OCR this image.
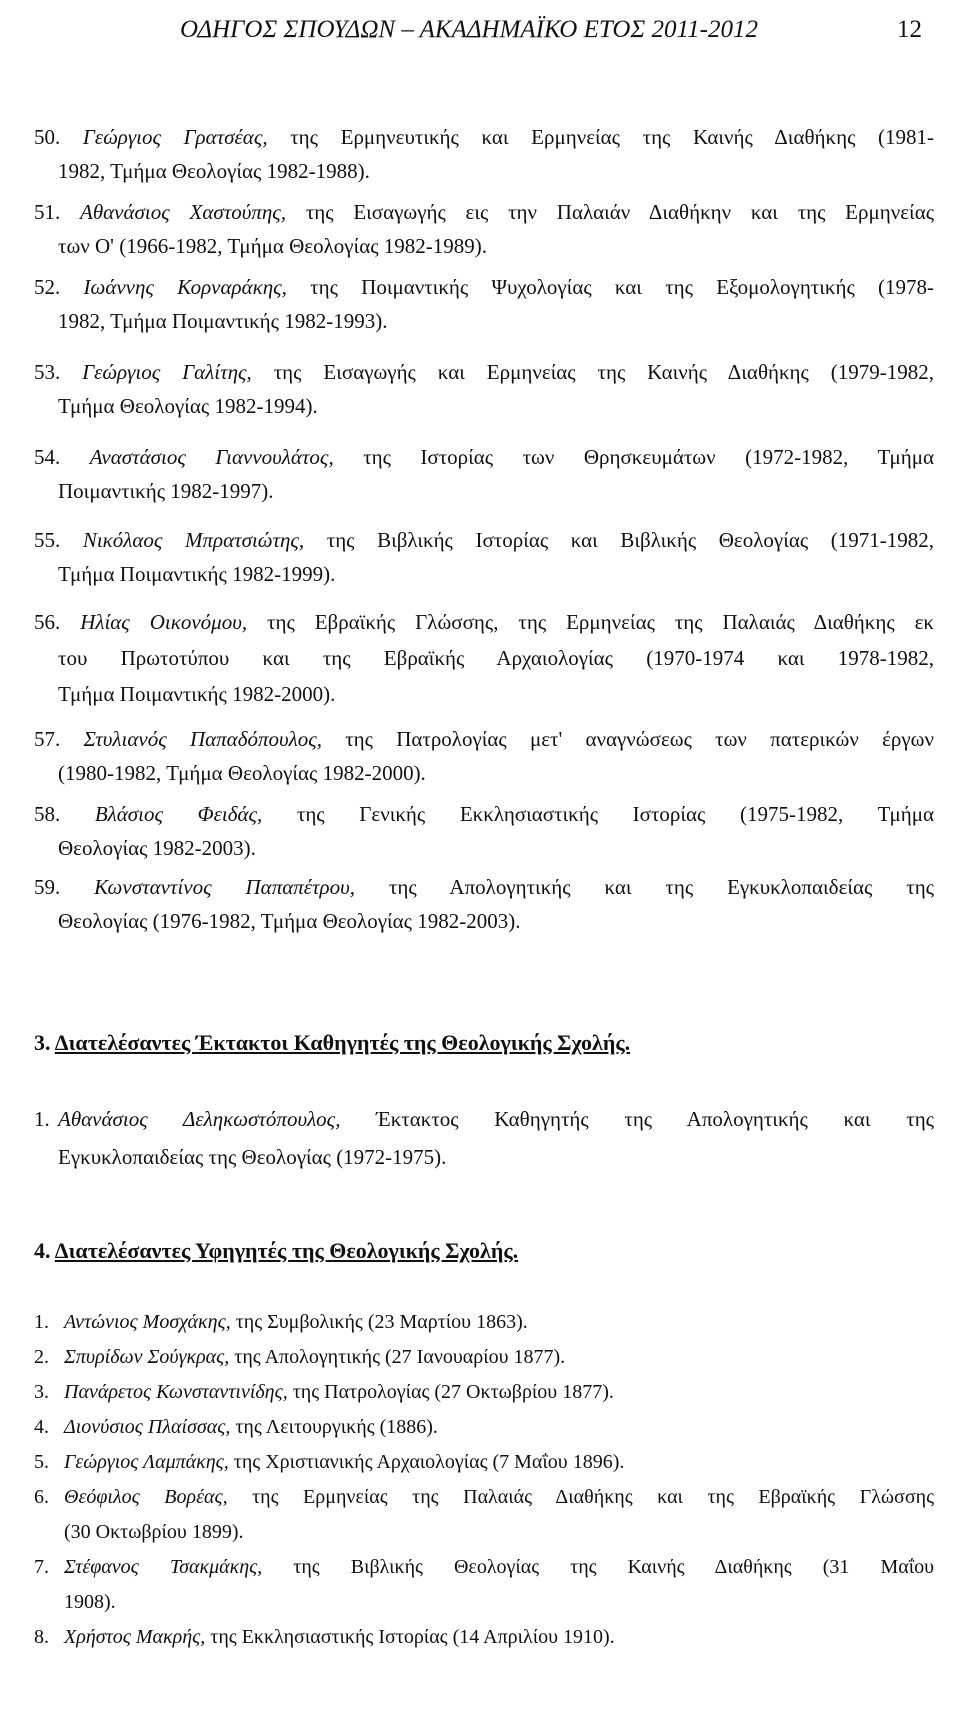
ΟΔΗΓΟΣ ΣΠΟΥΔΩΝ – ΑΚΑΔΗΜΑΪΚΟ ΕΤΟΣ 2011-2012	12
50. Γεώργιος Γρατσέας, της Ερμηνευτικής και Ερμηνείας της Καινής Διαθήκης (1981-
1982, Τμήμα Θεολογίας 1982-1988).
51. Αθανάσιος Χαστούπης, της Εισαγωγής εις την Παλαιάν Διαθήκην και της Ερμηνείας
των Ο' (1966-1982, Τμήμα Θεολογίας 1982-1989).
52. Ιωάννης Κορναράκης, της Ποιμαντικής Ψυχολογίας και της Εξομολογητικής (1978-
1982, Τμήμα Ποιμαντικής 1982-1993).
53. Γεώργιος Γαλίτης, της Εισαγωγής και Ερμηνείας της Καινής Διαθήκης (1979-1982,
Τμήμα Θεολογίας 1982-1994).
54. Αναστάσιος Γιαννουλάτος, της Ιστορίας των Θρησκευμάτων (1972-1982, Τμήμα
Ποιμαντικής 1982-1997).
55. Νικόλαος Μπρατσιώτης, της Βιβλικής Ιστορίας και Βιβλικής Θεολογίας (1971-1982,
Τμήμα Ποιμαντικής 1982-1999).
56. Ηλίας Οικονόμου, της Εβραϊκής Γλώσσης, της Ερμηνείας της Παλαιάς Διαθήκης εκ
του Πρωτοτύπου και της Εβραϊκής Αρχαιολογίας (1970-1974 και 1978-1982,
Τμήμα Ποιμαντικής 1982-2000).
57. Στυλιανός Παπαδόπουλος, της Πατρολογίας μετ' αναγνώσεως των πατερικών έργων
(1980-1982, Τμήμα Θεολογίας 1982-2000).
58. Βλάσιος Φειδάς, της Γενικής Εκκλησιαστικής Ιστορίας (1975-1982, Τμήμα
Θεολογίας 1982-2003).
59. Κωνσταντίνος Παπαπέτρου, της Απολογητικής και της Εγκυκλοπαιδείας της
Θεολογίας (1976-1982, Τμήμα Θεολογίας 1982-2003).
3. Διατελέσαντες Έκτακτοι Καθηγητές της Θεολογικής Σχολής.
1. Αθανάσιος Δεληκωστόπουλος, Έκτακτος Καθηγητής της Απολογητικής και της
Εγκυκλοπαιδείας της Θεολογίας (1972-1975).
4. Διατελέσαντες Υφηγητές της Θεολογικής Σχολής.
1. Αντώνιος Μοσχάκης, της Συμβολικής (23 Μαρτίου 1863).
2. Σπυρίδων Σούγκρας, της Απολογητικής (27 Ιανουαρίου 1877).
3. Πανάρετος Κωνσταντινίδης, της Πατρολογίας (27 Οκτωβρίου 1877).
4. Διονύσιος Πλαίσσας, της Λειτουργικής (1886).
5. Γεώργιος Λαμπάκης, της Χριστιανικής Αρχαιολογίας (7 Μαΐου 1896).
6. Θεόφιλος Βορέας, της Ερμηνείας της Παλαιάς Διαθήκης και της Εβραϊκής Γλώσσης
(30 Οκτωβρίου 1899).
7. Στέφανος Τσακμάκης, της Βιβλικής Θεολογίας της Καινής Διαθήκης (31 Μαΐου
1908).
8. Χρήστος Μακρής, της Εκκλησιαστικής Ιστορίας (14 Απριλίου 1910).
